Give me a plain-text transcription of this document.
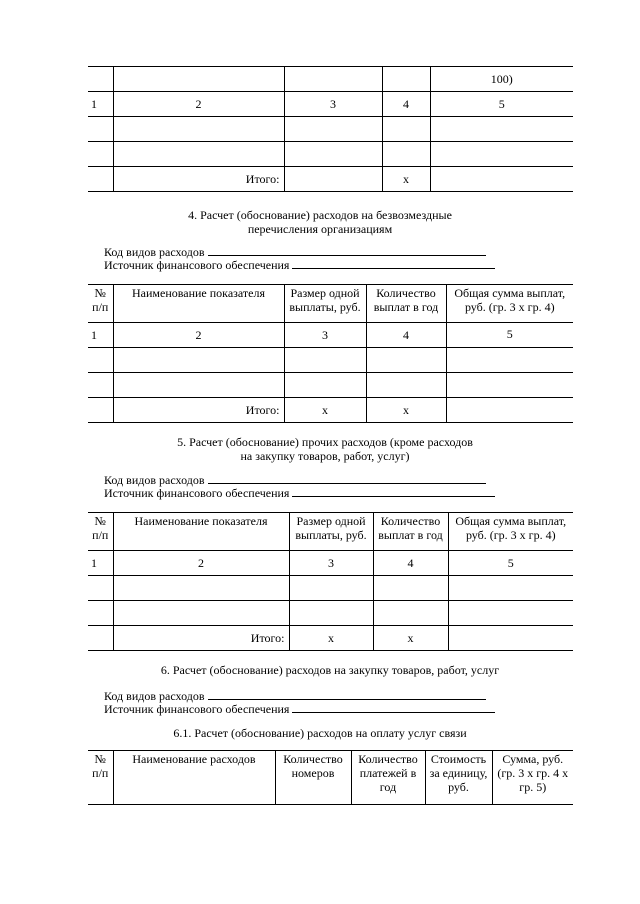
				100)
1	2	3	4	5

	Итого:		x	
4. Расчет (обоснование) расходов на безвозмездные
перечисления организациям
Код видов расходов
Источник финансового обеспечения
№ п/п	Наименование показателя	Размер одной выплаты, руб.	Количество выплат в год	Общая сумма выплат, руб. (гр. 3 х гр. 4)
1	2	3	4	5

	Итого:	x	x	
5. Расчет (обоснование) прочих расходов (кроме расходов
на закупку товаров, работ, услуг)
Код видов расходов
Источник финансового обеспечения
№ п/п	Наименование показателя	Размер одной выплаты, руб.	Количество выплат в год	Общая сумма выплат, руб. (гр. 3 х гр. 4)
1	2	3	4	5

	Итого:	x	x	
6. Расчет (обоснование) расходов на закупку товаров, работ, услуг
Код видов расходов
Источник финансового обеспечения
6.1. Расчет (обоснование) расходов на оплату услуг связи
№ п/п	Наименование расходов	Количество номеров	Количество платежей в год	Стоимость за единицу, руб.	Сумма, руб. (гр. 3 х гр. 4 х гр. 5)
